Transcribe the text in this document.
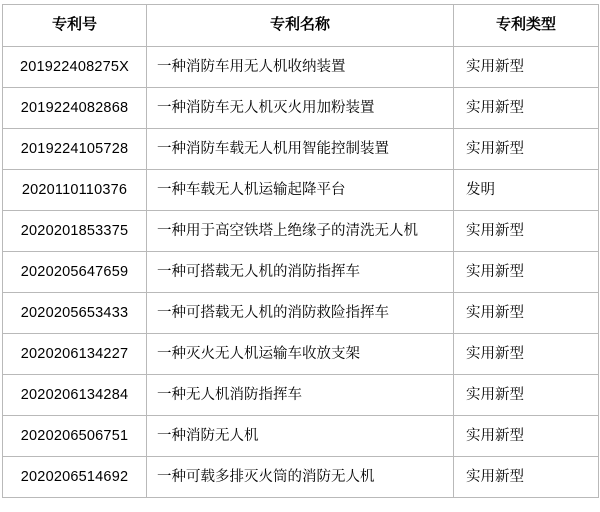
专利号	专利名称	专利类型
201922408275X	一种消防车用无人机收纳装置	实用新型
2019224082868	一种消防车无人机灭火用加粉装置	实用新型
2019224105728	一种消防车载无人机用智能控制装置	实用新型
2020110110376	一种车载无人机运输起降平台	发明
2020201853375	一种用于高空铁塔上绝缘子的清洗无人机	实用新型
2020205647659	一种可搭载无人机的消防指挥车	实用新型
2020205653433	一种可搭载无人机的消防救险指挥车	实用新型
2020206134227	一种灭火无人机运输车收放支架	实用新型
2020206134284	一种无人机消防指挥车	实用新型
2020206506751	一种消防无人机	实用新型
2020206514692	一种可载多排灭火筒的消防无人机	实用新型
